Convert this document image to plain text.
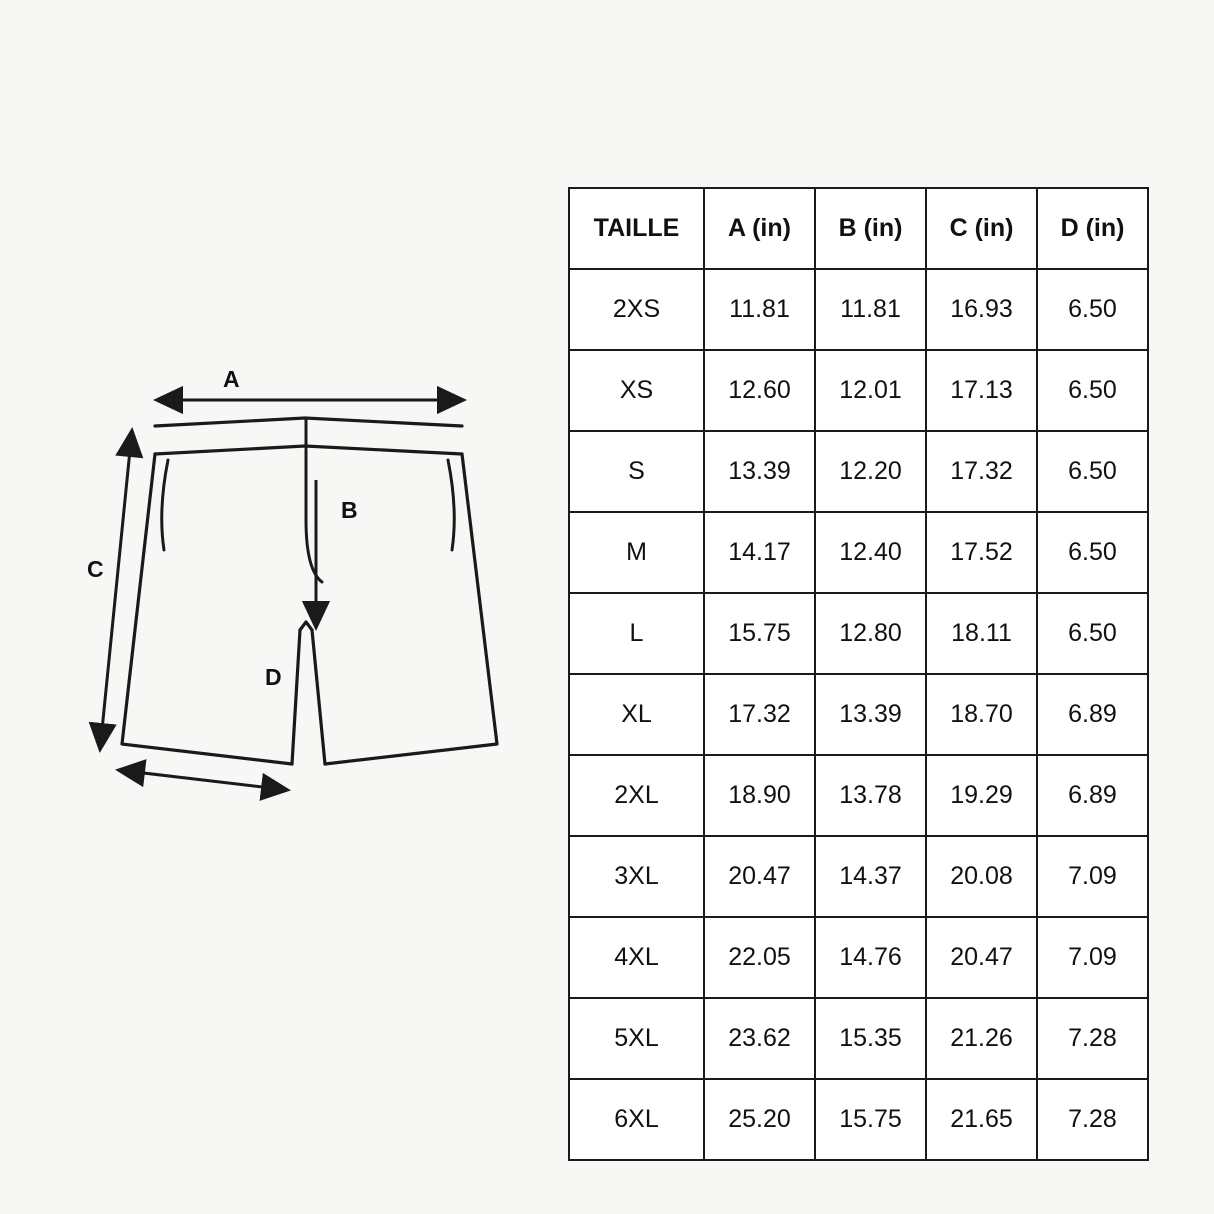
A
B
C
D
TAILLE	A (in)	B (in)	C (in)	D (in)
2XS	11.81	11.81	16.93	6.50
XS	12.60	12.01	17.13	6.50
S	13.39	12.20	17.32	6.50
M	14.17	12.40	17.52	6.50
L	15.75	12.80	18.11	6.50
XL	17.32	13.39	18.70	6.89
2XL	18.90	13.78	19.29	6.89
3XL	20.47	14.37	20.08	7.09
4XL	22.05	14.76	20.47	7.09
5XL	23.62	15.35	21.26	7.28
6XL	25.20	15.75	21.65	7.28
